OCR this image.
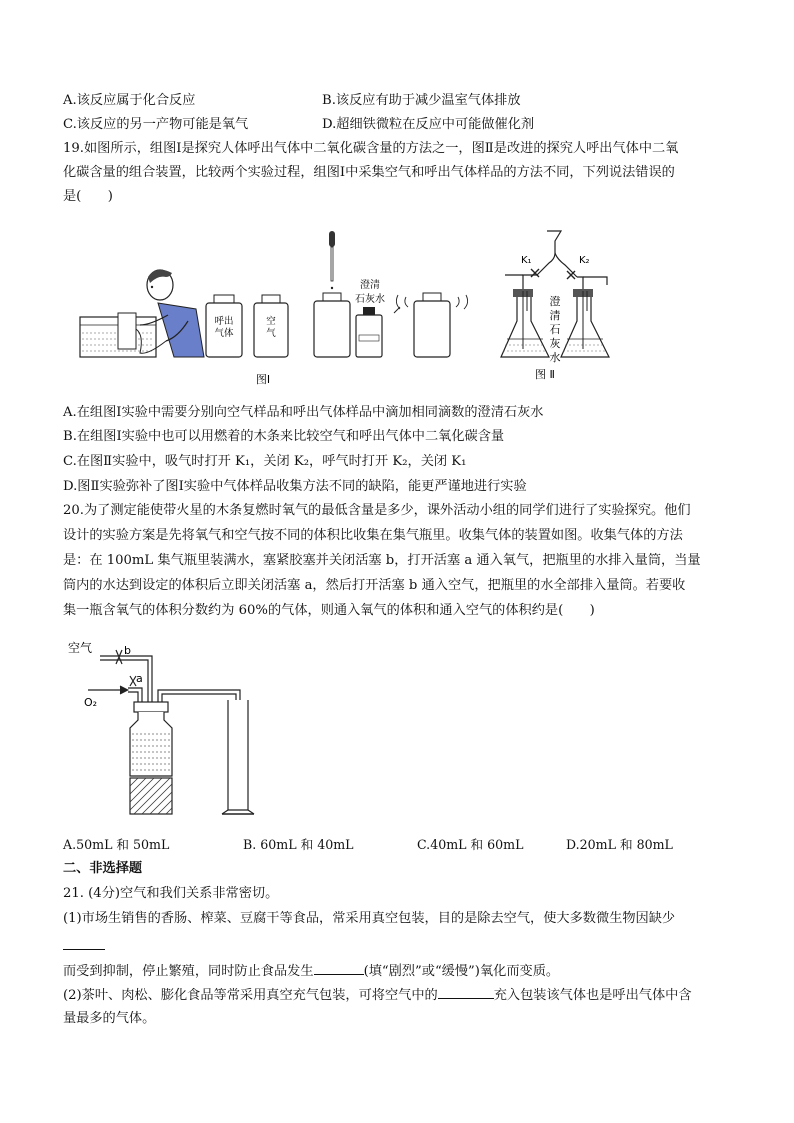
A.该反应属于化合反应	B.该反应有助于减少温室气体排放
C.该反应的另一产物可能是氧气	D.超细铁微粒在反应中可能做催化剂
19.如图所示，组图Ⅰ是探究人体呼出气体中二氧化碳含量的方法之一，图Ⅱ是改进的探究人呼出气体中二氧
化碳含量的组合装置，比较两个实验过程，组图Ⅰ中采集空气和呼出气体样品的方法不同，下列说法错误的
是(　　)
呼出
气体
空
气
澄清
石灰水
图Ⅰ
K₁	K₂
澄
清
石
灰
水
图 Ⅱ
A.在组图Ⅰ实验中需要分别向空气样品和呼出气体样品中滴加相同滴数的澄清石灰水
B.在组图Ⅰ实验中也可以用燃着的木条来比较空气和呼出气体中二氧化碳含量
C.在图Ⅱ实验中，吸气时打开 K₁，关闭 K₂，呼气时打开 K₂，关闭 K₁
D.图Ⅱ实验弥补了图Ⅰ实验中气体样品收集方法不同的缺陷，能更严谨地进行实验
20.为了测定能使带火星的木条复燃时氧气的最低含量是多少，课外活动小组的同学们进行了实验探究。他们
设计的实验方案是先将氧气和空气按不同的体积比收集在集气瓶里。收集气体的装置如图。收集气体的方法
是：在 100mL 集气瓶里装满水，塞紧胶塞并关闭活塞 b，打开活塞 a 通入氧气，把瓶里的水排入量筒，当量
筒内的水达到设定的体积后立即关闭活塞 a，然后打开活塞 b 通入空气，把瓶里的水全部排入量筒。若要收
集一瓶含氧气的体积分数约为 60%的气体，则通入氧气的体积和通入空气的体积约是(　　)
空气	b
a
O₂
A.50mL 和 50mL	B. 60mL 和 40mL	C.40mL 和 60mL	D.20mL 和 80mL
二、非选择题
21. (4分)空气和我们关系非常密切。
(1)市场生销售的香肠、榨菜、豆腐干等食品，常采用真空包装，目的是除去空气，使大多数微生物因缺少
而受到抑制，停止繁殖，同时防止食品发生	(填“剧烈”或“缓慢”)氧化而变质。
(2)茶叶、肉松、膨化食品等常采用真空充气包装，可将空气中的	充入包装该气体也是呼出气体中含
量最多的气体。
